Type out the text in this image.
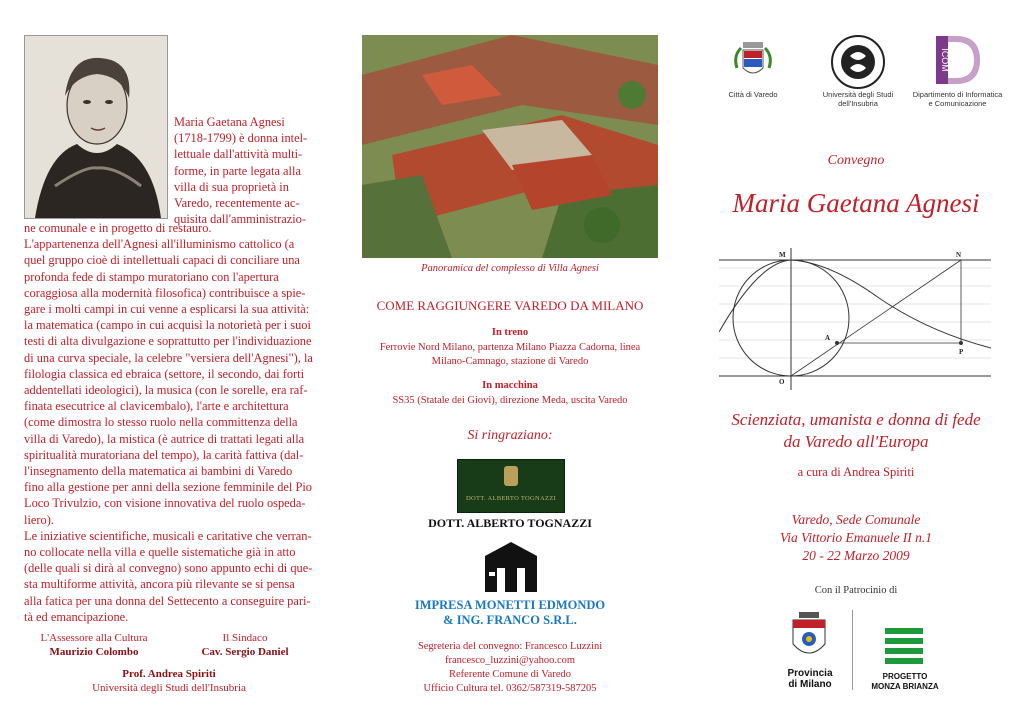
Maria Gaetana Agnesi
(1718-1799) è donna intel-
lettuale dall'attività multi-
forme, in parte legata alla
villa di sua proprietà in
Varedo, recentemente ac-
quisita dall'amministrazio-
ne comunale e in progetto di restauro.
L'appartenenza dell'Agnesi all'illuminismo cattolico (a
quel gruppo cioè di intellettuali capaci di conciliare una
profonda fede di stampo muratoriano con l'apertura
coraggiosa alla modernità filosofica) contribuisce a spie-
gare i molti campi in cui venne a esplicarsi la sua attività:
la matematica (campo in cui acquisì la notorietà per i suoi
testi di alta divulgazione e soprattutto per l'individuazione
di una curva speciale, la celebre "versiera dell'Agnesi"), la
filologia classica ed ebraica (settore, il secondo, dai forti
addentellati ideologici), la musica (con le sorelle, era raf-
finata esecutrice al clavicembalo), l'arte e architettura
(come dimostra lo stesso ruolo nella committenza della
villa di Varedo), la mistica (è autrice di trattati legati alla
spiritualità muratoriana del tempo), la carità fattiva (dal-
l'insegnamento della matematica ai bambini di Varedo
fino alla gestione per anni della sezione femminile del Pio
Loco Trivulzio, con visione innovativa del ruolo ospeda-
liero).
Le iniziative scientifiche, musicali e caritative che verran-
no collocate nella villa e quelle sistematiche già in atto
(delle quali si dirà al convegno) sono appunto echi di que-
sta multiforme attività, ancora più rilevante se si pensa
alla fatica per una donna del Settecento a conseguire pari-
tà ed emancipazione.
L'Assessore alla Cultura
Maurizio Colombo
Il Sindaco
Cav. Sergio Daniel
Prof. Andrea Spiriti
Università degli Studi dell'Insubria
Panoramica del complesso di Villa Agnesi
COME RAGGIUNGERE VAREDO DA MILANO
In treno
Ferrovie Nord Milano, partenza Milano Piazza Cadorna, linea
Milano-Camnago, stazione di Varedo
In macchina
SS35 (Statale dei Giovi), direzione Meda, uscita Varedo
Si ringraziano:
DOTT. ALBERTO TOGNAZZI
DOTT. ALBERTO TOGNAZZI
IMPRESA MONETTI EDMONDO
& ING. FRANCO S.R.L.
Segreteria del convegno: Francesco Luzzini
francesco_luzzini@yahoo.com
Referente Comune di Varedo
Ufficio Cultura tel. 0362/587319-587205
Città di Varedo	Università degli Studi
dell'Insubria
ICOM
Dipartimento di Informatica
e Comunicazione
Convegno
Maria Gaetana Agnesi
M	N
A
P
O
Scienziata, umanista e donna di fede
da Varedo all'Europa
a cura di Andrea Spiriti
Varedo, Sede Comunale
Via Vittorio Emanuele II n.1
20 - 22 Marzo 2009
Con il Patrocinio di
Provincia
di Milano
PROGETTO
MONZA BRIANZA
